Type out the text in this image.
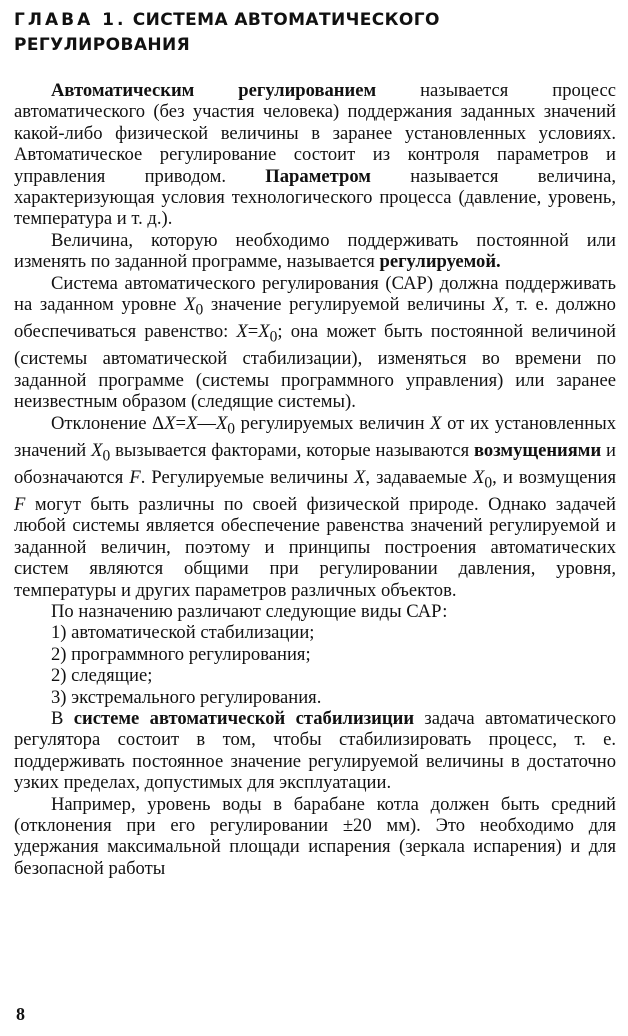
ГЛАВА 1. СИСТЕМА АВТОМАТИЧЕСКОГО РЕГУЛИРОВАНИЯ

Автоматическим регулированием называется процесс автоматического (без участия человека) поддержания заданных значений какой-либо физической величины в заранее установленных условиях. Автоматическое регулирование состоит из контроля параметров и управления приводом. Параметром называется величина, характеризующая условия технологического процесса (давление, уровень, температура и т. д.).

Величина, которую необходимо поддерживать постоянной или изменять по заданной программе, называется регулируемой.

Система автоматического регулирования (САР) должна поддерживать на заданном уровне $X_0$ значение регулируемой величины X, т. е. должно обеспечиваться равенство: $X=X_0$; она может быть постоянной величиной (системы автоматической стабилизации), изменяться во времени по заданной программе (системы программного управления) или заранее неизвестным образом (следящие системы).

Отклонение $\Delta X=X—X_0$ регулируемых величин X от их установленных значений $X_0$ вызывается факторами, которые называются возмущениями и обозначаются F. Регулируемые величины X, задаваемые $X_0$, и возмущения F могут быть различны по своей физической природе. Однако задачей любой системы является обеспечение равенства значений регулируемой и заданной величин, поэтому и принципы построения автоматических систем являются общими при регулировании давления, уровня, температуры и других параметров различных объектов.

По назначению различают следующие виды САР:

1) автоматической стабилизации;

2) программного регулирования;

2) следящие;

3) экстремального регулирования.

В системе автоматической стабилизиции задача автоматического регулятора состоит в том, чтобы стабилизировать процесс, т. е. поддерживать постоянное значение регулируемой величины в достаточно узких пределах, допустимых для эксплуатации.

Например, уровень воды в барабане котла должен быть средний (отклонения при его регулировании ±20 мм). Это необходимо для удержания максимальной площади испарения (зеркала испарения) и для безопасной работы

8
